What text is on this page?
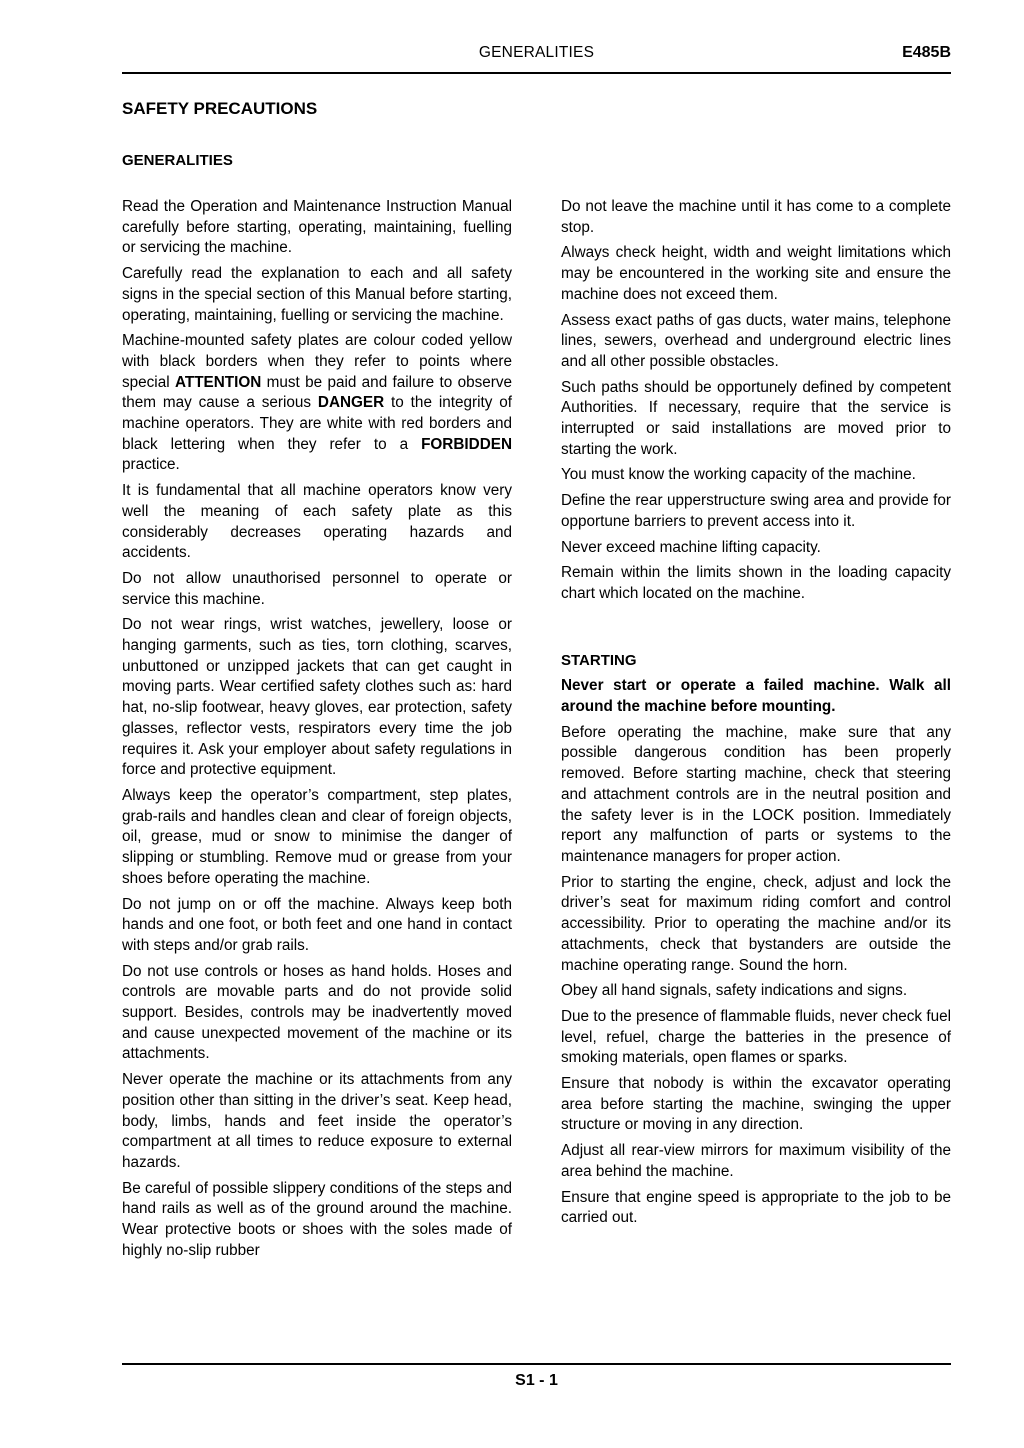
GENERALITIES	E485B
SAFETY PRECAUTIONS
GENERALITIES

Read the Operation and Maintenance Instruction Manual carefully before starting, operating, maintaining, fuelling or servicing the machine.

Carefully read the explanation to each and all safety signs in the special section of this Manual before starting, operating, maintaining, fuelling or servicing the machine.

Machine-mounted safety plates are colour coded yellow with black borders when they refer to points where special ATTENTION must be paid and failure to observe them may cause a serious DANGER to the integrity of machine operators. They are white with red borders and black lettering when they refer to a FORBIDDEN practice.

It is fundamental that all machine operators know very well the meaning of each safety plate as this considerably decreases operating hazards and accidents.

Do not allow unauthorised personnel to operate or service this machine.

Do not wear rings, wrist watches, jewellery, loose or hanging garments, such as ties, torn clothing, scarves, unbuttoned or unzipped jackets that can get caught in moving parts. Wear certified safety clothes such as: hard hat, no-slip footwear, heavy gloves, ear protection, safety glasses, reflector vests, respirators every time the job requires it. Ask your employer about safety regulations in force and protective equipment.

Always keep the operator’s compartment, step plates, grab-rails and handles clean and clear of foreign objects, oil, grease, mud or snow to minimise the danger of slipping or stumbling. Remove mud or grease from your shoes before operating the machine.

Do not jump on or off the machine. Always keep both hands and one foot, or both feet and one hand in contact with steps and/or grab rails.

Do not use controls or hoses as hand holds. Hoses and controls are movable parts and do not provide solid support. Besides, controls may be inadvertently moved and cause unexpected movement of the machine or its attachments.

Never operate the machine or its attachments from any position other than sitting in the driver’s seat. Keep head, body, limbs, hands and feet inside the operator’s compartment at all times to reduce exposure to external hazards.

Be careful of possible slippery conditions of the steps and hand rails as well as of the ground around the machine. Wear protective boots or shoes with the soles made of highly no-slip rubber

Do not leave the machine until it has come to a complete stop.

Always check height, width and weight limitations which may be encountered in the working site and ensure the machine does not exceed them.

Assess exact paths of gas ducts, water mains, telephone lines, sewers, overhead and underground electric lines and all other possible obstacles.

Such paths should be opportunely defined by competent Authorities. If necessary, require that the service is interrupted or said installations are moved prior to starting the work.

You must know the working capacity of the machine.

Define the rear upperstructure swing area and provide for opportune barriers to prevent access into it.

Never exceed machine lifting capacity.

Remain within the limits shown in the loading capacity chart which located on the machine.

STARTING

Never start or operate a failed machine. Walk all around the machine before mounting.

Before operating the machine, make sure that any possible dangerous condition has been properly removed. Before starting machine, check that steering and attachment controls are in the neutral position and the safety lever is in the LOCK position. Immediately report any malfunction of parts or systems to the maintenance managers for proper action.

Prior to starting the engine, check, adjust and lock the driver’s seat for maximum riding comfort and control accessibility. Prior to operating the machine and/or its attachments, check that bystanders are outside the machine operating range. Sound the horn.

Obey all hand signals, safety indications and signs.

Due to the presence of flammable fluids, never check fuel level, refuel, charge the batteries in the presence of smoking materials, open flames or sparks.

Ensure that nobody is within the excavator operating area before starting the machine, swinging the upper structure or moving in any direction.

Adjust all rear-view mirrors for maximum visibility of the area behind the machine.

Ensure that engine speed is appropriate to the job to be carried out.

S1 - 1
